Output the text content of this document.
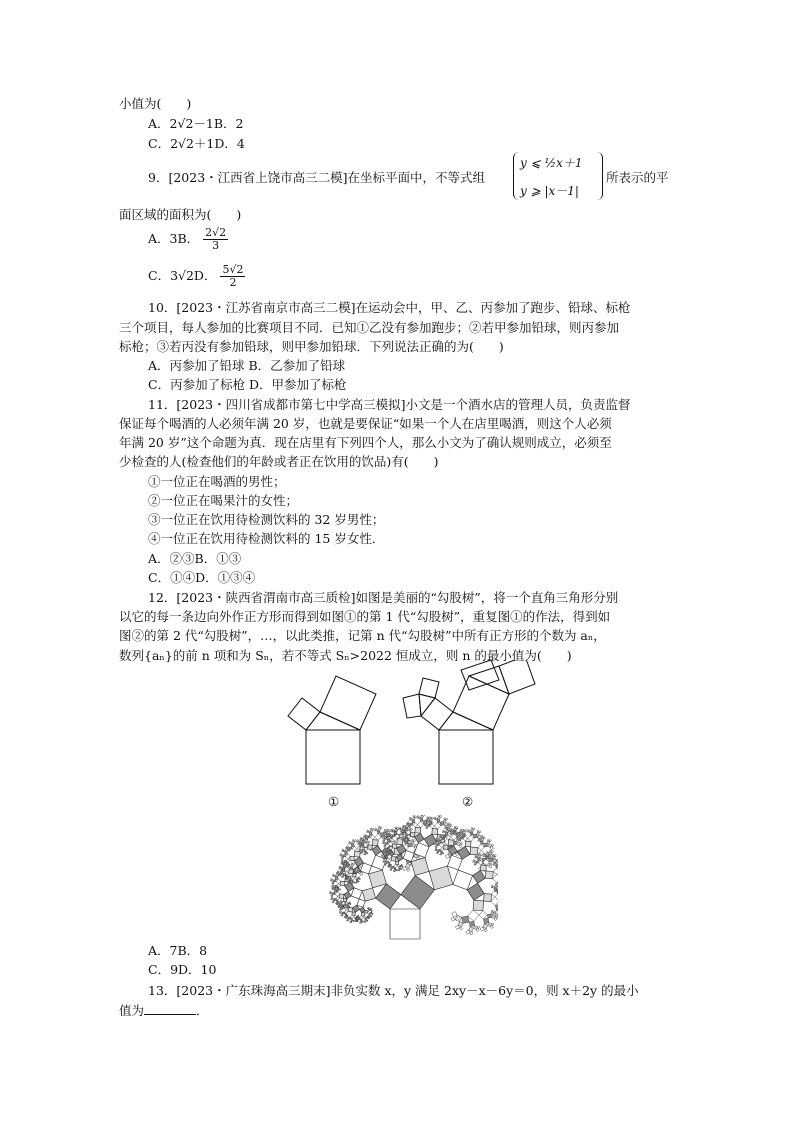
小值为(　　)
A．2√2－1B．2
C．2√2＋1D．4
9．[2023・江西省上饶市高三二模]在坐标平面中，不等式组
y ⩽ ½x＋1
y ⩾ |x－1|
所表示的平
面区域的面积为(　　)
A．3B． $\frac{2√2}{3}$
C．3√2D． $\frac{5√2}{2}$
10．[2023・江苏省南京市高三二模]在运动会中，甲、乙、丙参加了跑步、铅球、标枪
三个项目，每人参加的比赛项目不同．已知①乙没有参加跑步；②若甲参加铅球，则丙参加
标枪；③若丙没有参加铅球，则甲参加铅球．下列说法正确的为(　　)
A．丙参加了铅球 B．乙参加了铅球
C．丙参加了标枪 D．甲参加了标枪
11．[2023・四川省成都市第七中学高三模拟]小文是一个酒水店的管理人员，负责监督
保证每个喝酒的人必须年满 20 岁，也就是要保证“如果一个人在店里喝酒，则这个人必须
年满 20 岁”这个命题为真．现在店里有下列四个人，那么小文为了确认规则成立，必须至
少检查的人(检查他们的年龄或者正在饮用的饮品)有(　　)
①一位正在喝酒的男性；
②一位正在喝果汁的女性；
③一位正在饮用待检测饮料的 32 岁男性；
④一位正在饮用待检测饮料的 15 岁女性．
A．②③B．①③
C．①④D．①③④
12．[2023・陕西省渭南市高三质检]如图是美丽的“勾股树”，将一个直角三角形分别
以它的每一条边向外作正方形而得到如图①的第 1 代“勾股树”，重复图①的作法，得到如
图②的第 2 代“勾股树”，…，以此类推，记第 n 代“勾股树”中所有正方形的个数为 aₙ，
数列{aₙ}的前 n 项和为 Sₙ，若不等式 Sₙ>2022 恒成立，则 n 的最小值为(　　)
①	②
A．7B．8
C．9D．10
13．[2023・广东珠海高三期末]非负实数 x，y 满足 2xy－x－6y＝0，则 x＋2y 的最小
值为	．
